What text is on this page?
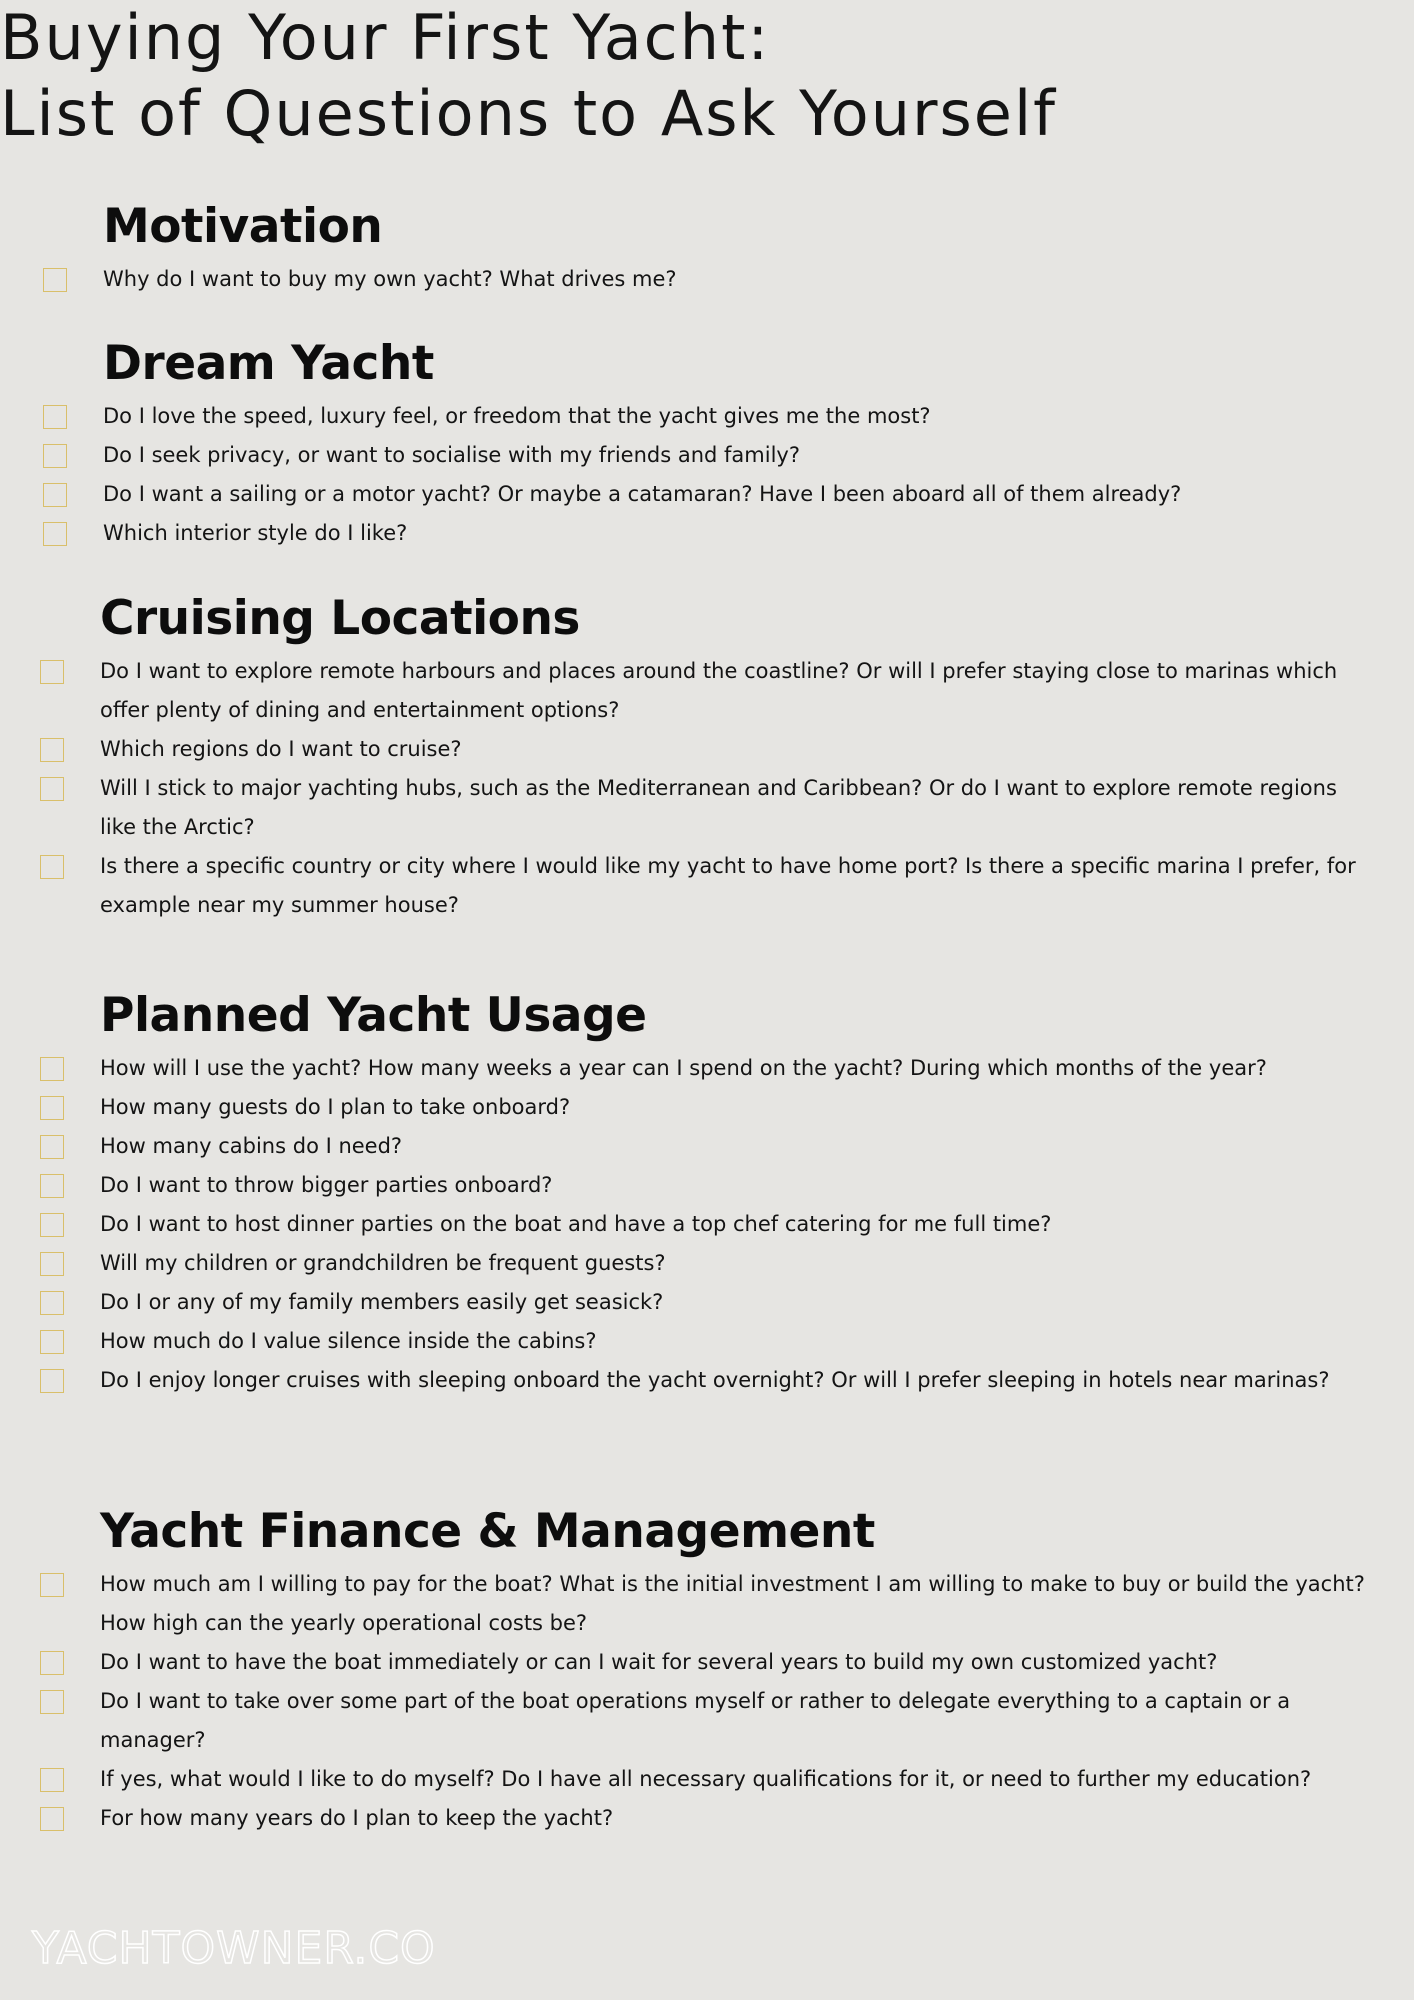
Buying Your First Yacht:
List of Questions to Ask Yourself
Motivation
Why do I want to buy my own yacht? What drives me?
Dream Yacht
Do I love the speed, luxury feel, or freedom that the yacht gives me the most?
Do I seek privacy, or want to socialise with my friends and family?
Do I want a sailing or a motor yacht? Or maybe a catamaran? Have I been aboard all of them already?
Which interior style do I like?
Cruising Locations
Do I want to explore remote harbours and places around the coastline? Or will I prefer staying close to marinas which offer plenty of dining and entertainment options?
Which regions do I want to cruise?
Will I stick to major yachting hubs, such as the Mediterranean and Caribbean? Or do I want to explore remote regions like the Arctic?
Is there a specific country or city where I would like my yacht to have home port? Is there a specific marina I prefer, for example near my summer house?
Planned Yacht Usage
How will I use the yacht? How many weeks a year can I spend on the yacht? During which months of the year?
How many guests do I plan to take onboard?
How many cabins do I need?
Do I want to throw bigger parties onboard?
Do I want to host dinner parties on the boat and have a top chef catering for me full time?
Will my children or grandchildren be frequent guests?
Do I or any of my family members easily get seasick?
How much do I value silence inside the cabins?
Do I enjoy longer cruises with sleeping onboard the yacht overnight? Or will I prefer sleeping in hotels near marinas?
Yacht Finance & Management
How much am I willing to pay for the boat? What is the initial investment I am willing to make to buy or build the yacht? How high can the yearly operational costs be?
Do I want to have the boat immediately or can I wait for several years to build my own customized yacht?
Do I want to take over some part of the boat operations myself or rather to delegate everything to a captain or a manager?
If yes, what would I like to do myself? Do I have all necessary qualifications for it, or need to further my education?
For how many years do I plan to keep the yacht?
YACHTOWNER.CO
